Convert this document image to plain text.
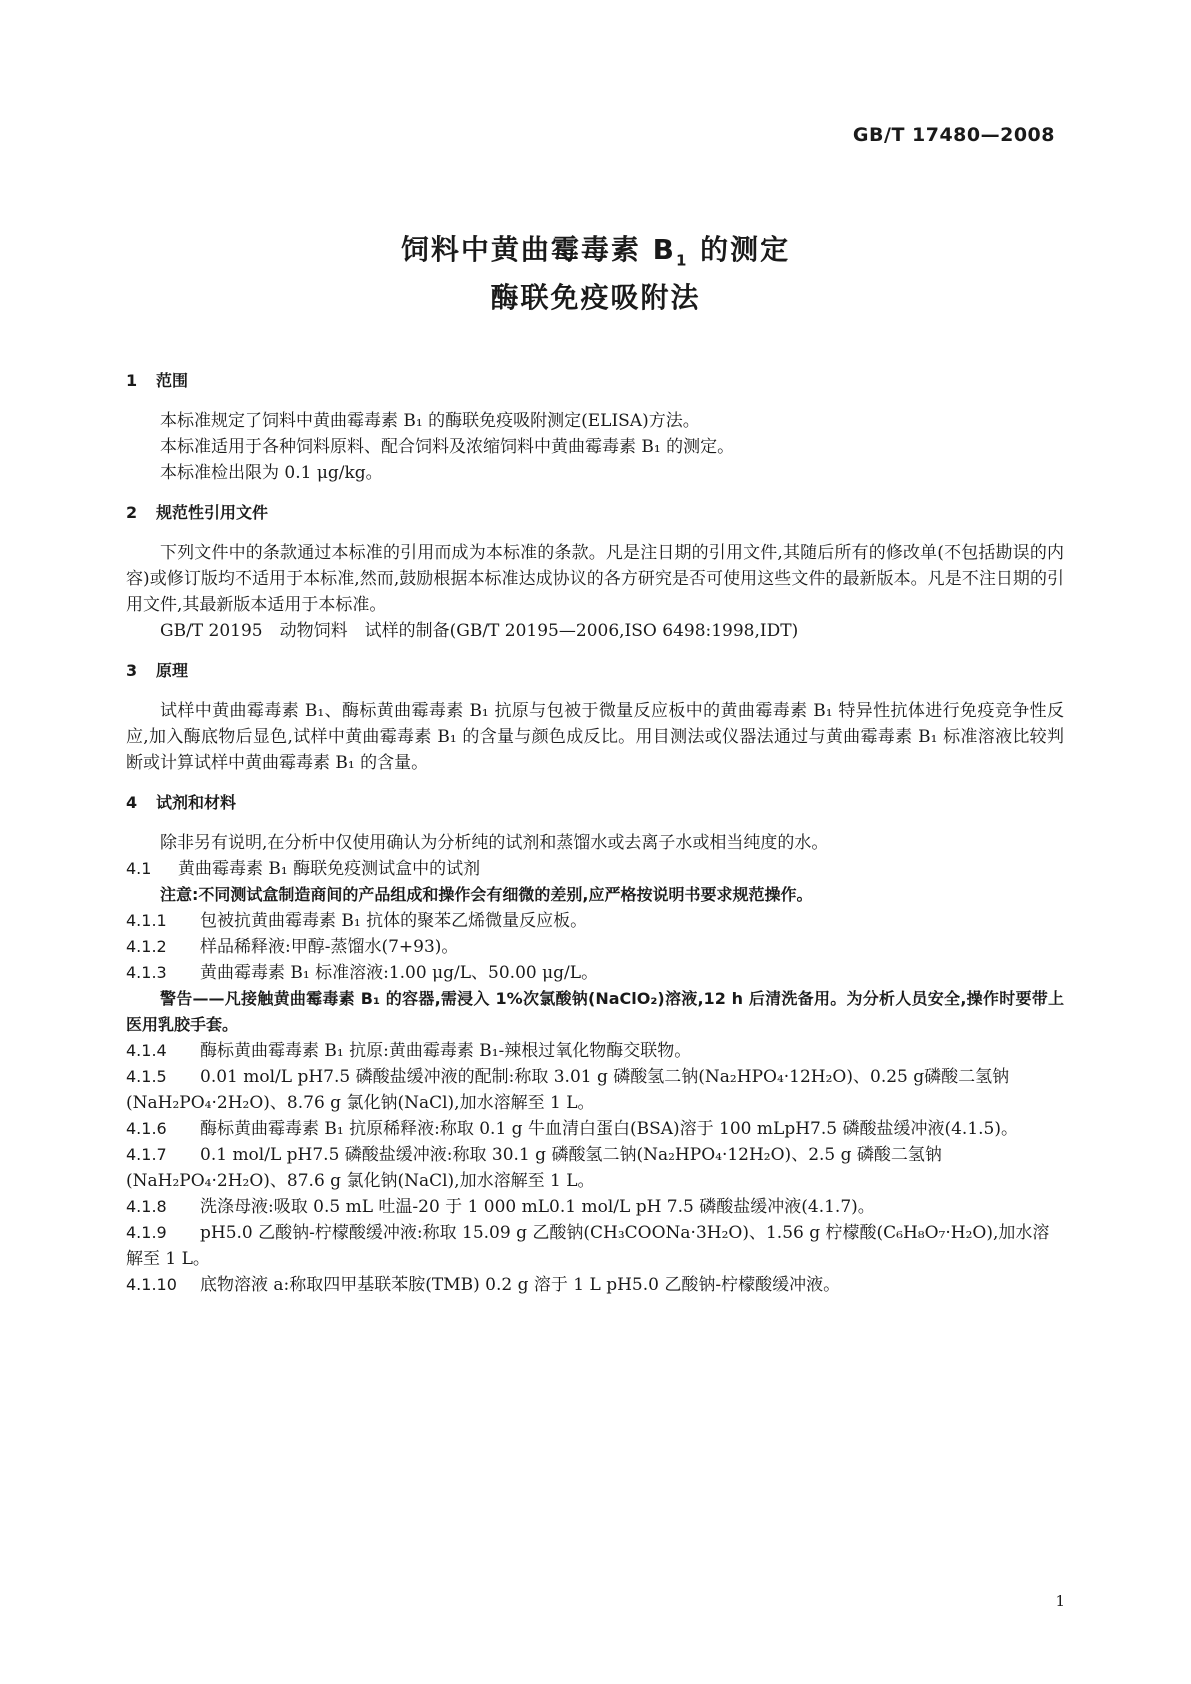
GB/T 17480—2008
饲料中黄曲霉毒素 $B_1$ 的测定
酶联免疫吸附法
1 范围

本标准规定了饲料中黄曲霉毒素 B₁ 的酶联免疫吸附测定(ELISA)方法。

本标准适用于各种饲料原料、配合饲料及浓缩饲料中黄曲霉毒素 B₁ 的测定。

本标准检出限为 0.1 μg/kg。

2 规范性引用文件

下列文件中的条款通过本标准的引用而成为本标准的条款。凡是注日期的引用文件,其随后所有的修改单(不包括勘误的内容)或修订版均不适用于本标准,然而,鼓励根据本标准达成协议的各方研究是否可使用这些文件的最新版本。凡是不注日期的引用文件,其最新版本适用于本标准。

GB/T 20195　动物饲料　试样的制备(GB/T 20195—2006,ISO 6498:1998,IDT)

3 原理

试样中黄曲霉毒素 B₁、酶标黄曲霉毒素 B₁ 抗原与包被于微量反应板中的黄曲霉毒素 B₁ 特异性抗体进行免疫竞争性反应,加入酶底物后显色,试样中黄曲霉毒素 B₁ 的含量与颜色成反比。用目测法或仪器法通过与黄曲霉毒素 B₁ 标准溶液比较判断或计算试样中黄曲霉毒素 B₁ 的含量。

4 试剂和材料

除非另有说明,在分析中仅使用确认为分析纯的试剂和蒸馏水或去离子水或相当纯度的水。

4.1 黄曲霉毒素 B₁ 酶联免疫测试盒中的试剂

注意:不同测试盒制造商间的产品组成和操作会有细微的差别,应严格按说明书要求规范操作。

4.1.1 包被抗黄曲霉毒素 B₁ 抗体的聚苯乙烯微量反应板。

4.1.2 样品稀释液:甲醇-蒸馏水(7+93)。

4.1.3 黄曲霉毒素 B₁ 标准溶液:1.00 μg/L、50.00 μg/L。

警告——凡接触黄曲霉毒素 B₁ 的容器,需浸入 1%次氯酸钠(NaClO₂)溶液,12 h 后清洗备用。为分析人员安全,操作时要带上医用乳胶手套。

4.1.4 酶标黄曲霉毒素 B₁ 抗原:黄曲霉毒素 B₁-辣根过氧化物酶交联物。

4.1.5 0.01 mol/L pH7.5 磷酸盐缓冲液的配制:称取 3.01 g 磷酸氢二钠(Na₂HPO₄·12H₂O)、0.25 g磷酸二氢钠(NaH₂PO₄·2H₂O)、8.76 g 氯化钠(NaCl),加水溶解至 1 L。

4.1.6 酶标黄曲霉毒素 B₁ 抗原稀释液:称取 0.1 g 牛血清白蛋白(BSA)溶于 100 mLpH7.5 磷酸盐缓冲液(4.1.5)。

4.1.7 0.1 mol/L pH7.5 磷酸盐缓冲液:称取 30.1 g 磷酸氢二钠(Na₂HPO₄·12H₂O)、2.5 g 磷酸二氢钠(NaH₂PO₄·2H₂O)、87.6 g 氯化钠(NaCl),加水溶解至 1 L。

4.1.8 洗涤母液:吸取 0.5 mL 吐温-20 于 1 000 mL0.1 mol/L pH 7.5 磷酸盐缓冲液(4.1.7)。

4.1.9 pH5.0 乙酸钠-柠檬酸缓冲液:称取 15.09 g 乙酸钠(CH₃COONa·3H₂O)、1.56 g 柠檬酸(C₆H₈O₇·H₂O),加水溶解至 1 L。

4.1.10 底物溶液 a:称取四甲基联苯胺(TMB) 0.2 g 溶于 1 L pH5.0 乙酸钠-柠檬酸缓冲液。

1
